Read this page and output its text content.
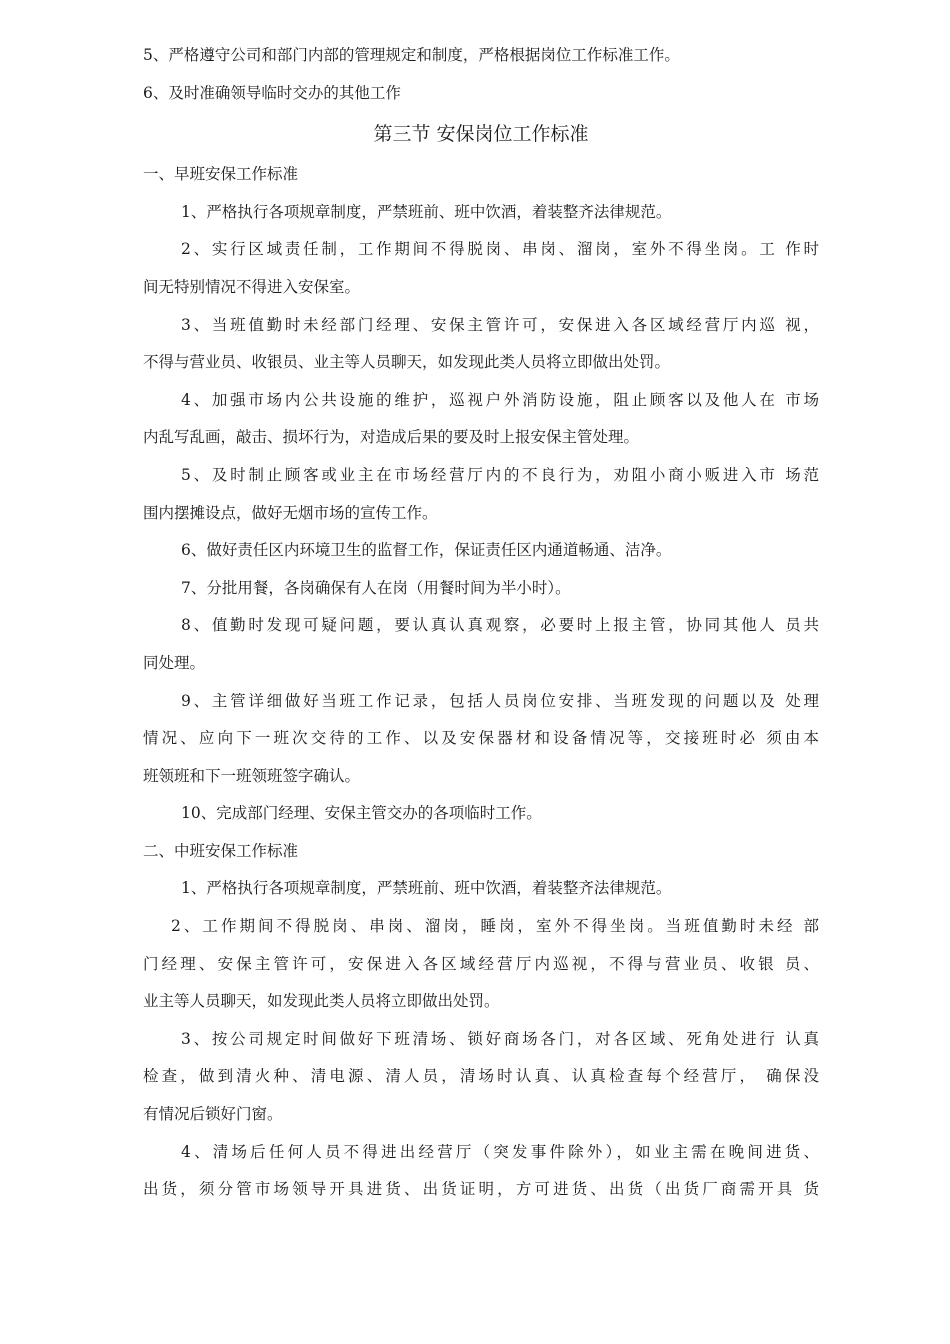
5、严格遵守公司和部门内部的管理规定和制度，严格根据岗位工作标准工作。
6、及时准确领导临时交办的其他工作
第三节 安保岗位工作标准
一、早班安保工作标准
1、严格执行各项规章制度，严禁班前、班中饮酒，着装整齐法律规范。
2、实行区域责任制，工作期间不得脱岗、串岗、溜岗，室外不得坐岗。工 作时
间无特别情况不得进入安保室。
3、当班值勤时未经部门经理、安保主管许可，安保进入各区域经营厅内巡 视，
不得与营业员、收银员、业主等人员聊天，如发现此类人员将立即做出处罚。
4、加强市场内公共设施的维护，巡视户外消防设施，阻止顾客以及他人在 市场
内乱写乱画，敲击、损坏行为，对造成后果的要及时上报安保主管处理。
5、及时制止顾客或业主在市场经营厅内的不良行为，劝阻小商小贩进入市 场范
围内摆摊设点，做好无烟市场的宣传工作。
6、做好责任区内环境卫生的监督工作，保证责任区内通道畅通、洁净。
7、分批用餐，各岗确保有人在岗（用餐时间为半小时）。
8、值勤时发现可疑问题，要认真认真观察，必要时上报主管，协同其他人 员共
同处理。
9、主管详细做好当班工作记录，包括人员岗位安排、当班发现的问题以及 处理
情况、应向下一班次交待的工作、以及安保器材和设备情况等，交接班时必 须由本
班领班和下一班领班签字确认。
10、完成部门经理、安保主管交办的各项临时工作。
二、中班安保工作标准
1、严格执行各项规章制度，严禁班前、班中饮酒，着装整齐法律规范。
2、工作期间不得脱岗、串岗、溜岗，睡岗，室外不得坐岗。当班值勤时未经 部
门经理、安保主管许可，安保进入各区域经营厅内巡视，不得与营业员、收银 员、
业主等人员聊天，如发现此类人员将立即做出处罚。
3、按公司规定时间做好下班清场、锁好商场各门，对各区域、死角处进行 认真
检查，做到清火种、清电源、清人员，清场时认真、认真检查每个经营厅， 确保没
有情况后锁好门窗。
4、清场后任何人员不得进出经营厅（突发事件除外），如业主需在晚间进货、
出货，须分管市场领导开具进货、出货证明，方可进货、出货（出货厂商需开具 货
